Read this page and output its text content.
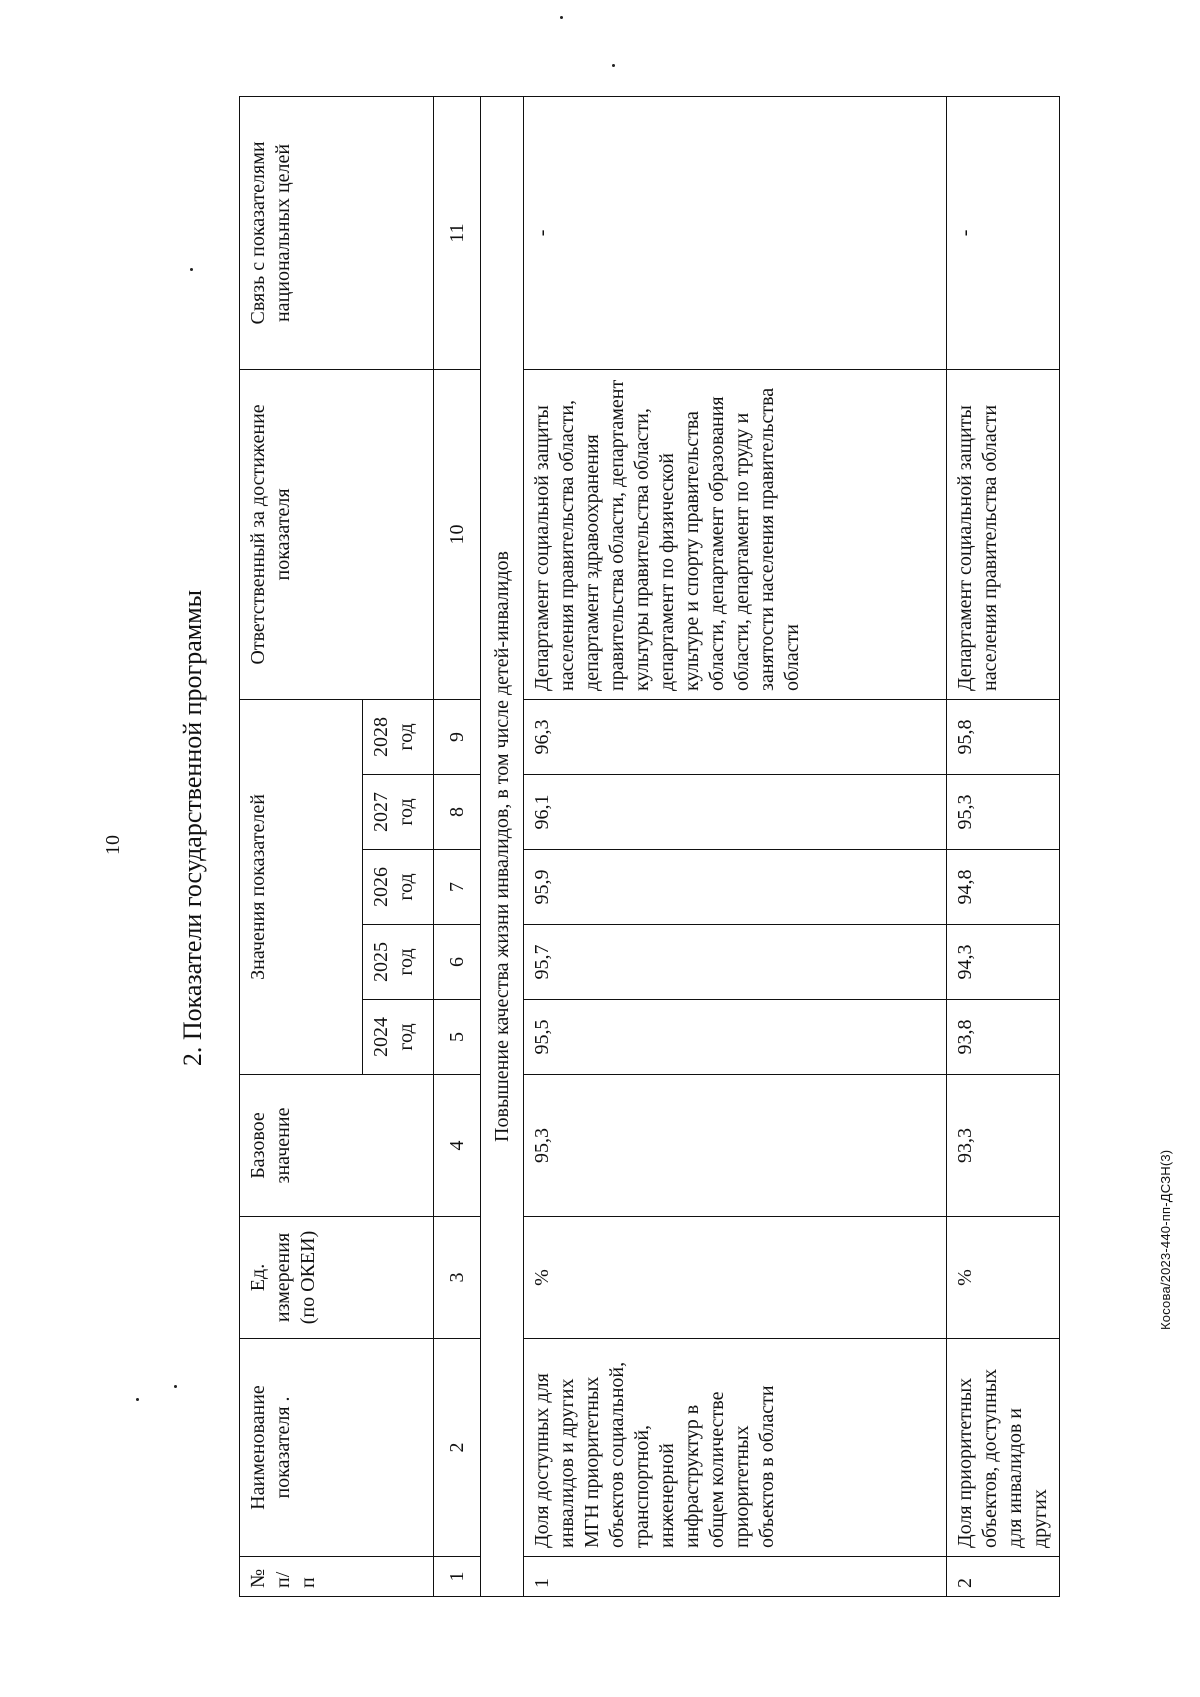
10 2. Показатели государственной программы
Косова/2023-440-пп-ДСЗН(3)
№ п/п	Наименование показателя .	Ед. измерения (по ОКЕИ)	Базовое значение	Значения показателей					Ответственный за достижение показателя	Связь с показателями национальных целей
				2024 год	2025 год	2026 год	2027 год	2028 год		
1	2	3	4	5	6	7	8	9	10	11
Повышение качества жизни инвалидов, в том числе детей-инвалидов										
1	Доля доступных для инвалидов и других МГН приоритетных объектов социальной, транспортной, инженерной инфраструктур в общем количестве приоритетных объектов в области	%	95,3	95,5	95,7	95,9	96,1	96,3	Департамент социальной защиты населения правительства области, департамент здравоохранения правительства области, департамент культуры правительства области, департамент по физической культуре и спорту правительства области, департамент образования области, департамент по труду и занятости населения правительства области	-
2	Доля приоритетных объектов, доступных для инвалидов и других	%	93,3	93,8	94,3	94,8	95,3	95,8	Департамент социальной защиты населения правительства области	-
